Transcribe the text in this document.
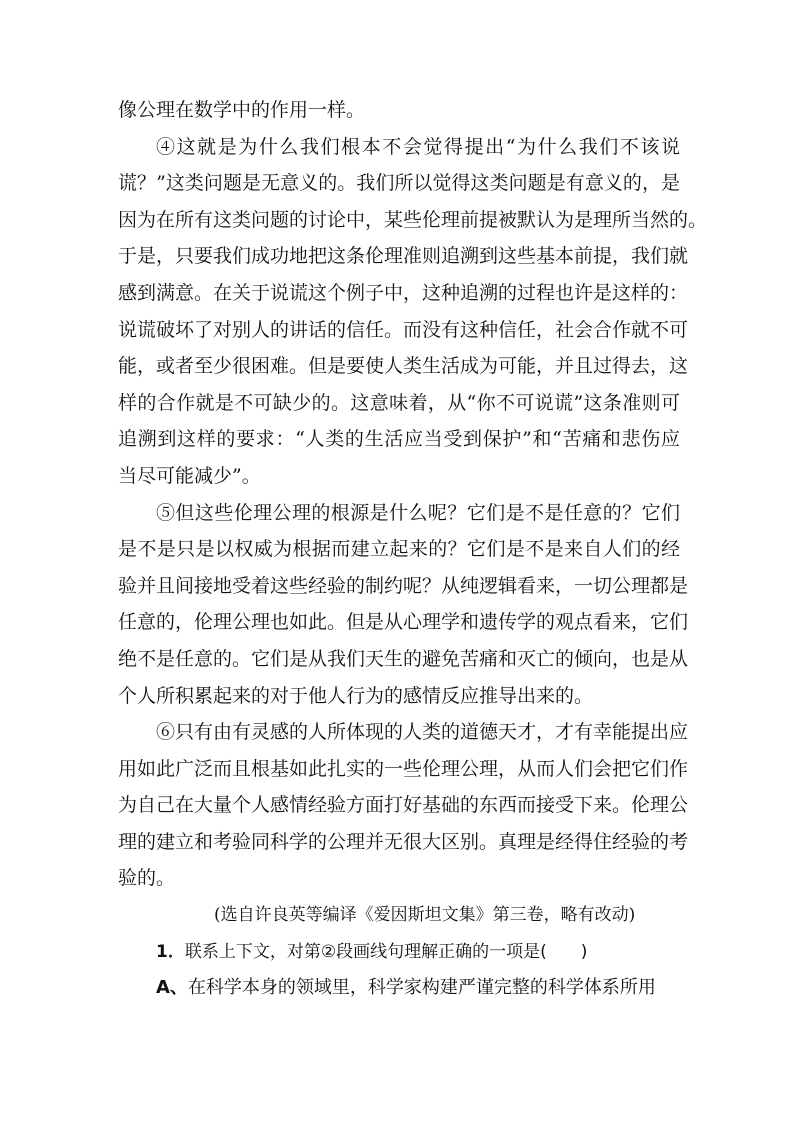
像公理在数学中的作用一样。
④这就是为什么我们根本不会觉得提出“为什么我们不该说
谎？”这类问题是无意义的。我们所以觉得这类问题是有意义的，是
因为在所有这类问题的讨论中，某些伦理前提被默认为是理所当然的。
于是，只要我们成功地把这条伦理准则追溯到这些基本前提，我们就
感到满意。在关于说谎这个例子中，这种追溯的过程也许是这样的：
说谎破坏了对别人的讲话的信任。而没有这种信任，社会合作就不可
能，或者至少很困难。但是要使人类生活成为可能，并且过得去，这
样的合作就是不可缺少的。这意味着，从“你不可说谎”这条准则可
追溯到这样的要求：“人类的生活应当受到保护”和“苦痛和悲伤应
当尽可能减少”。
⑤但这些伦理公理的根源是什么呢？它们是不是任意的？它们
是不是只是以权威为根据而建立起来的？它们是不是来自人们的经
验并且间接地受着这些经验的制约呢？从纯逻辑看来，一切公理都是
任意的，伦理公理也如此。但是从心理学和遗传学的观点看来，它们
绝不是任意的。它们是从我们天生的避免苦痛和灭亡的倾向，也是从
个人所积累起来的对于他人行为的感情反应推导出来的。
⑥只有由有灵感的人所体现的人类的道德天才，才有幸能提出应
用如此广泛而且根基如此扎实的一些伦理公理，从而人们会把它们作
为自己在大量个人感情经验方面打好基础的东西而接受下来。伦理公
理的建立和考验同科学的公理并无很大区别。真理是经得住经验的考
验的。
(选自许良英等编译《爱因斯坦文集》第三卷，略有改动)
1．联系上下文，对第②段画线句理解正确的一项是(　　)
A、在科学本身的领域里，科学家构建严谨完整的科学体系所用
